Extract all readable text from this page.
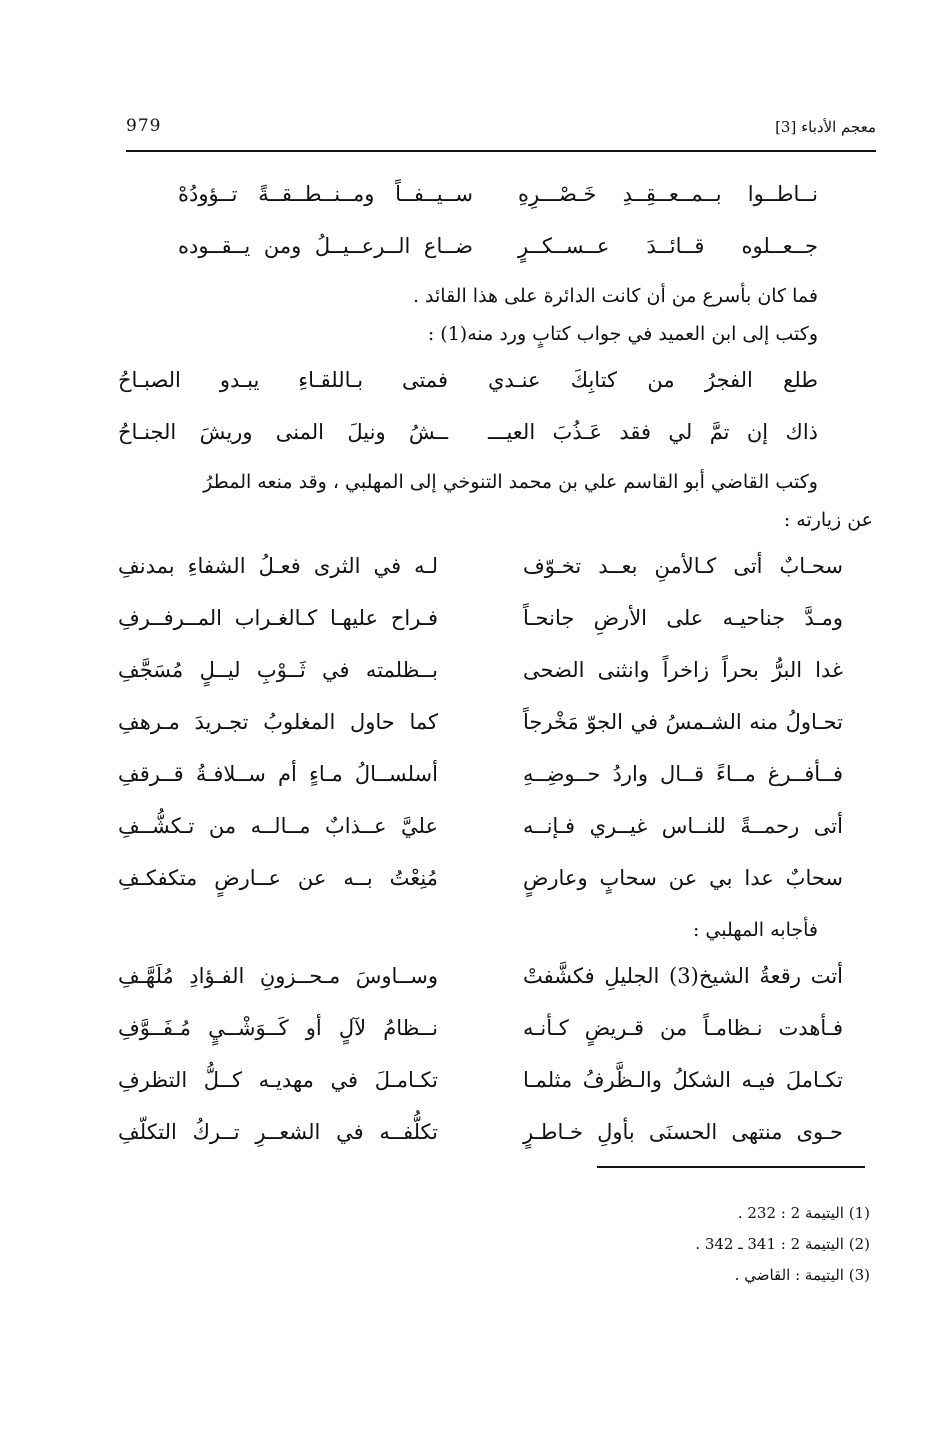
979	معجم الأدباء [3]
نــاطــوا بــمــعــقِــدِ خَـصْـــرِهِ
ســيــفــاً ومــنــطــقــةً تــؤودُهْ
جــعــلوه قــائــدَ عــســكــرٍ
ضــاع الــرعــيــلُ ومن يــقــوده
فما كان بأسرع من أن كانت الدائرة على هذا القائد .
وكتب إلى ابن العميد في جواب كتابٍ ورد منه(1) :
طلع الفجرُ من كتابِكَ عنـدي
فمتى بـاللقـاءِ يبـدو الصبـاحُ
ذاك إن تمَّ لي فقد عَـذُبَ العيـــ
ــشُ ونيلَ المنى وريشَ الجنـاحُ
وكتب القاضي أبو القاسم علي بن محمد التنوخي إلى المهلبي ، وقد منعه المطرُ
عن زيارته :
سحـابٌ أتى كـالأمنِ بعــد تخـوّف
لـه في الثرى فعـلُ الشفاءِ بمدنفِ
ومـدَّ جناحيـه على الأرضِ جانحـاً
فـراح عليهـا كـالغـراب المــرفــرفِ
غدا البرُّ بحراً زاخراً وانثنى الضحى
بــظلمته في ثَــوْبِ ليــلٍ مُسَجَّفِ
تحـاولُ منه الشـمسُ في الجوّ مَخْرجاً
كما حاول المغلوبُ تجـريدَ مـرهفِ
فــأفــرغ مــاءً قــال واردُ حــوضِــهِ
أسلســالُ مـاءٍ أم ســلافـةُ قــرقفِ
أتى رحمــةً للنــاس غيــري فـإنــه
عليَّ عــذابٌ مــالــه من تـكشُّــفِ
سحابٌ عدا بي عن سحابٍ وعارضٍ
مُنِعْتُ بــه عن عــارضٍ متكفكـفِ
فأجابه المهلبي :
أتت رقعةُ الشيخ(3) الجليلِ فكشَّفتْ
وســاوسَ مـحــزونِ الفـؤادِ مُلَهَّـفِ
فـأهدت نـظامـاً من قـريضٍ كـأنـه
نــظامُ لآلٍ أو كَــوَشْــيٍ مُـفَــوَّفِ
تكـاملَ فيـه الشكلُ والـظَّرفُ مثلمـا
تكـامـلَ في مهديـه كــلُّ التظرفِ
حـوى منتهى الحسنَى بأولِ خـاطـرٍ
تكلُّفــه في الشعــرِ تــركُ التكلّفِ
(1) اليتيمة 2 : 232 .
(2) اليتيمة 2 : 341 ـ 342 .
(3) اليتيمة : القاضي .
